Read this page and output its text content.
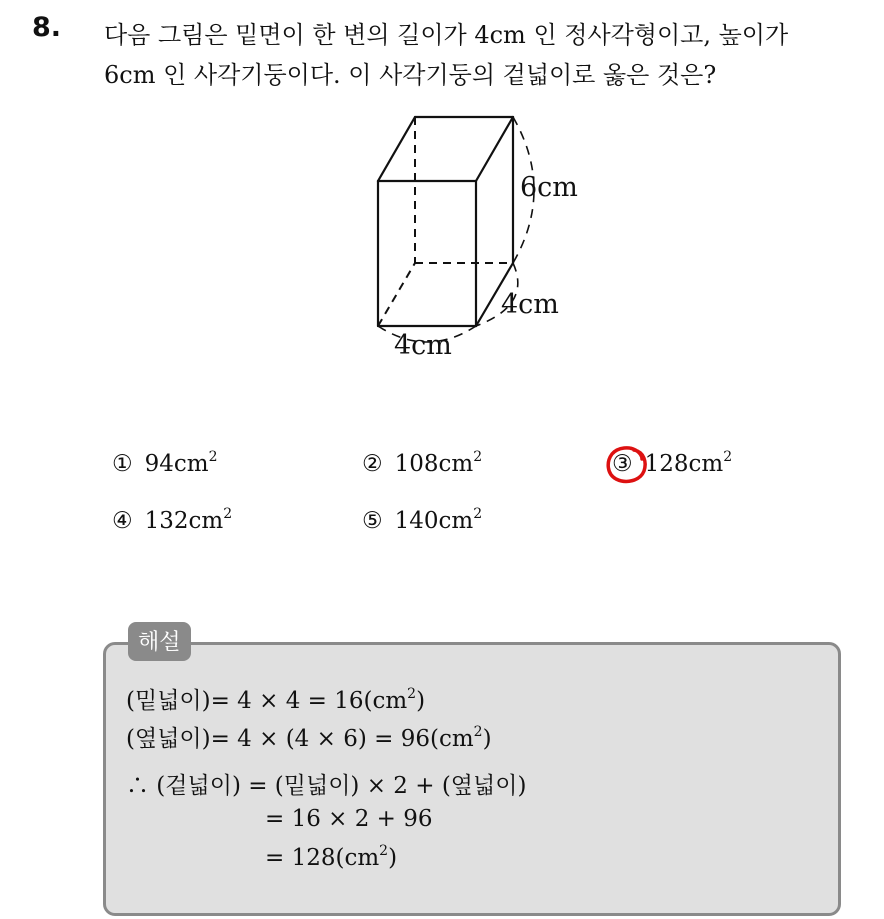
8. 다음 그림은 밑면이 한 변의 길이가 4cm 인 정사각형이고, 높이가
6cm 인 사각기둥이다. 이 사각기둥의 겉넓이로 옳은 것은?
6cm
4cm
4cm
① $94cm^2$	② $108cm^2$	③ $128cm^2$
④ $132cm^2$	⑤ $140cm^2$
해설
(밑넓이)= $4 \times 4 = 16(cm^2)$
(옆넓이)= $4 \times (4 \times 6) = 96(cm^2)$
∴ (겉넓이) = (밑넓이) × 2 + (옆넓이)
= 16 × 2 + 96
= $128(cm^2)$
